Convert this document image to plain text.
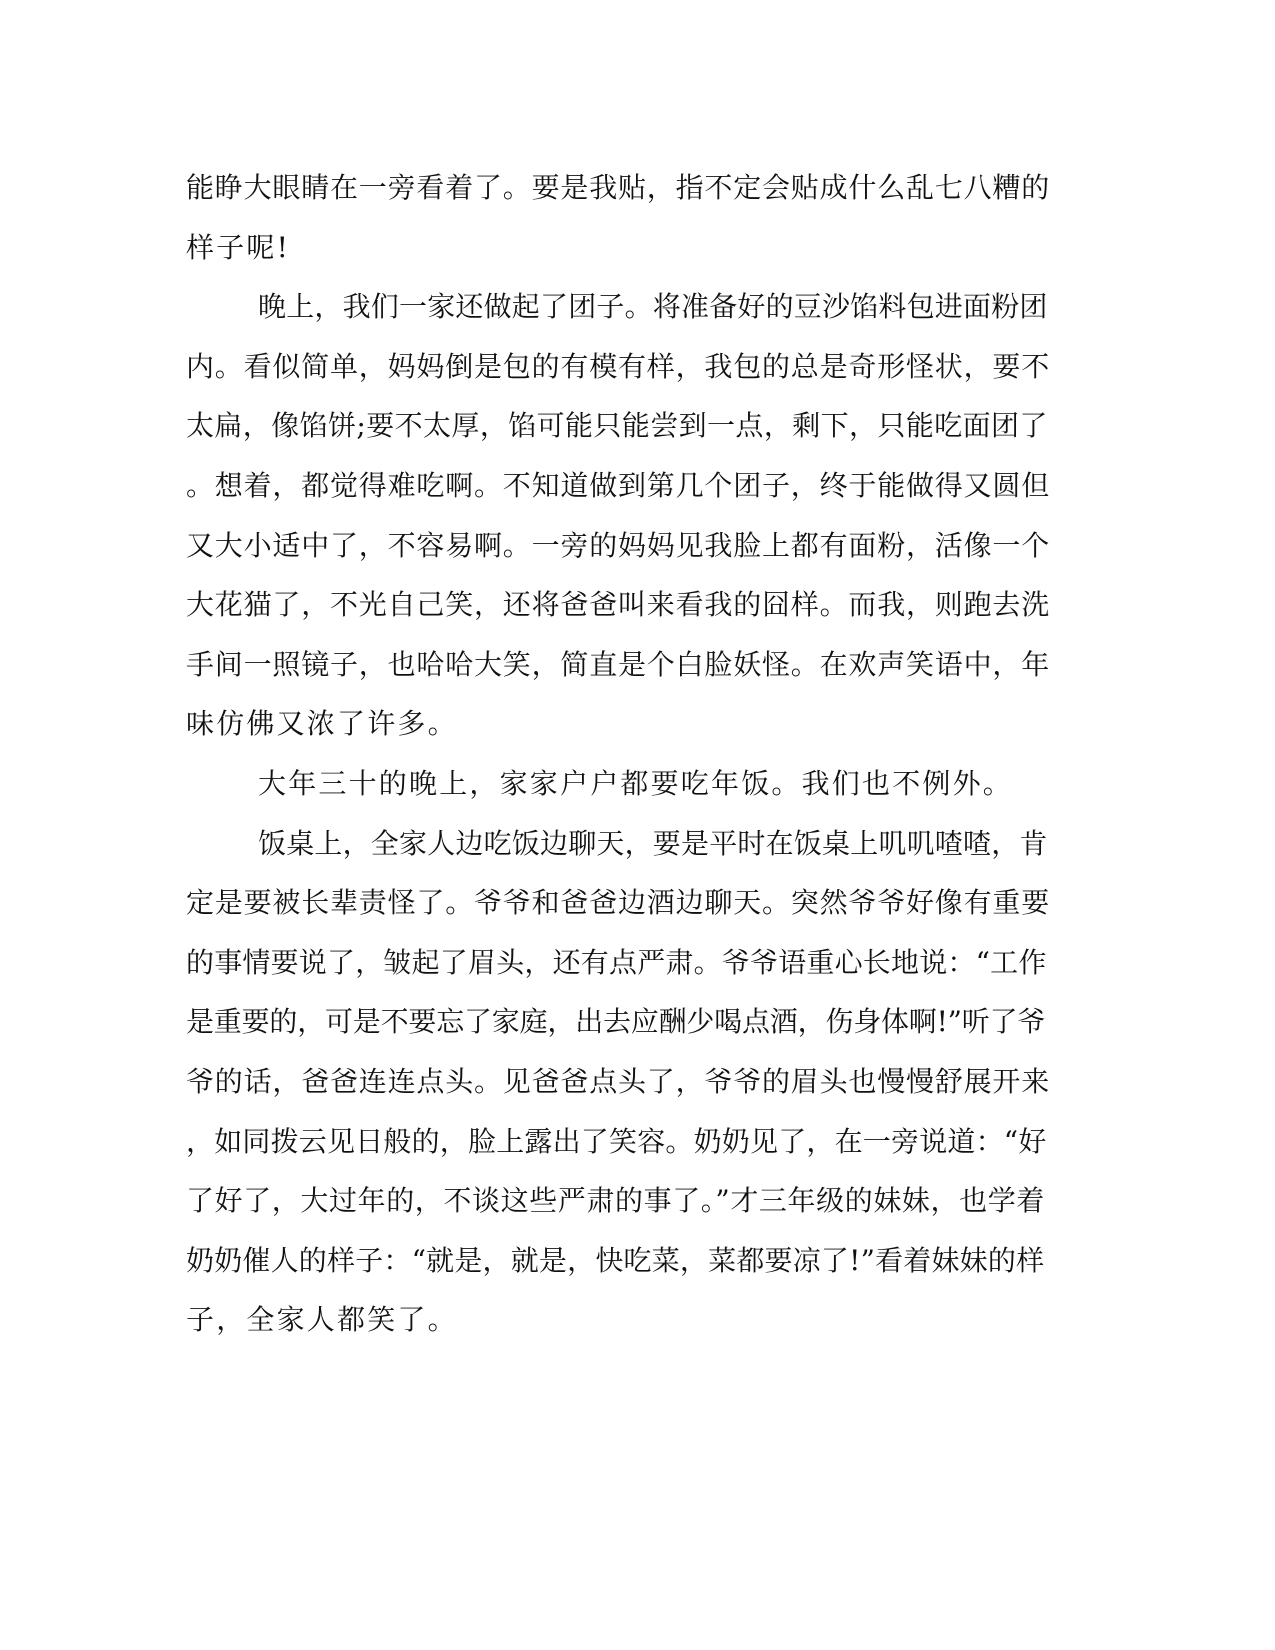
能睁大眼睛在一旁看着了。要是我贴，指不定会贴成什么乱七八糟的
样子呢!
晚上，我们一家还做起了团子。将准备好的豆沙馅料包进面粉团
内。看似简单，妈妈倒是包的有模有样，我包的总是奇形怪状，要不
太扁，像馅饼;要不太厚，馅可能只能尝到一点，剩下，只能吃面团了
。想着，都觉得难吃啊。不知道做到第几个团子，终于能做得又圆但
又大小适中了，不容易啊。一旁的妈妈见我脸上都有面粉，活像一个
大花猫了，不光自己笑，还将爸爸叫来看我的囧样。而我，则跑去洗
手间一照镜子，也哈哈大笑，简直是个白脸妖怪。在欢声笑语中，年
味仿佛又浓了许多。
大年三十的晚上，家家户户都要吃年饭。我们也不例外。
饭桌上，全家人边吃饭边聊天，要是平时在饭桌上叽叽喳喳，肯
定是要被长辈责怪了。爷爷和爸爸边酒边聊天。突然爷爷好像有重要
的事情要说了，皱起了眉头，还有点严肃。爷爷语重心长地说：“工作
是重要的，可是不要忘了家庭，出去应酬少喝点酒，伤身体啊!”听了爷
爷的话，爸爸连连点头。见爸爸点头了，爷爷的眉头也慢慢舒展开来
，如同拨云见日般的，脸上露出了笑容。奶奶见了，在一旁说道：“好
了好了，大过年的，不谈这些严肃的事了。”才三年级的妹妹，也学着
奶奶催人的样子：“就是，就是，快吃菜，菜都要凉了!”看着妹妹的样
子，全家人都笑了。
